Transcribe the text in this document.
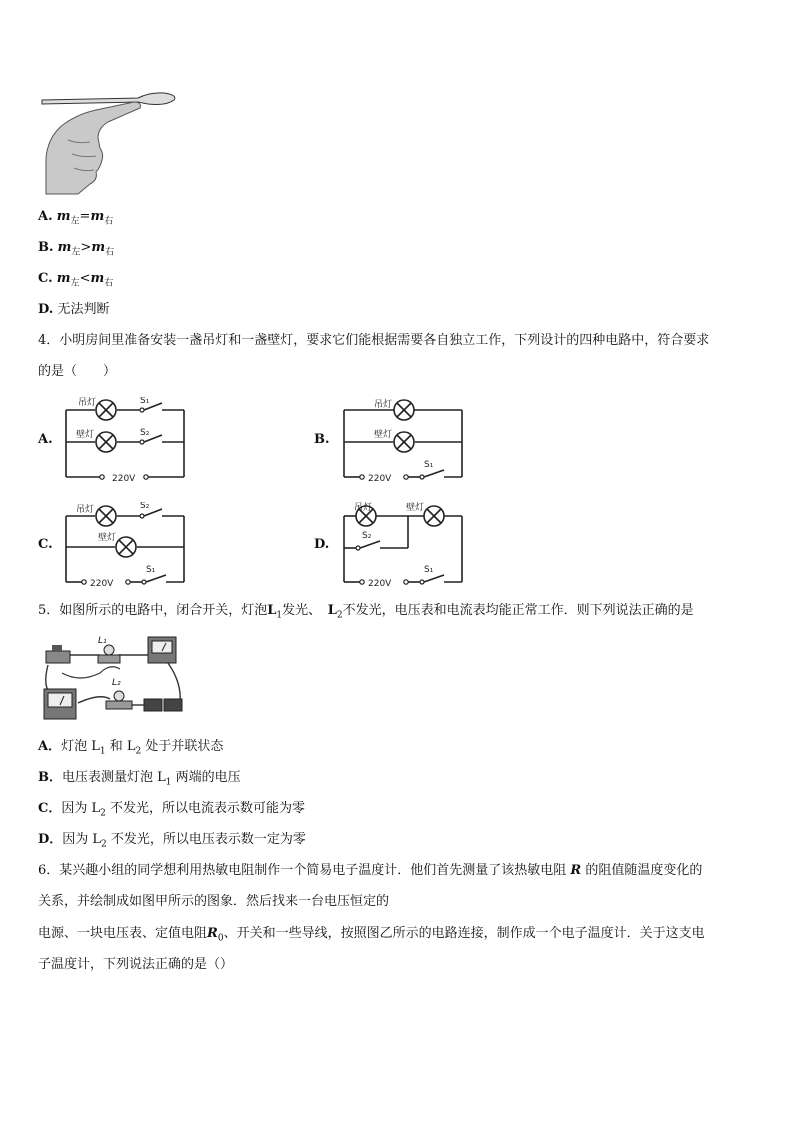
A. $m_左=m_右$
B. $m_左>m_右$
C. $m_左<m_右$
D. 无法判断
4．小明房间里准备安装一盏吊灯和一盏壁灯，要求它们能根据需要各自独立工作，下列设计的四种电路中，符合要求
的是（　　）
A.	B.
C.	D.
吊灯
壁灯
S₁
S₂
220V
吊灯
壁灯
220V
S₁
吊灯
壁灯
S₂
220V
S₁
吊灯	壁灯
S₂
220V
S₁
5．如图所示的电路中，闭合开关，灯泡$L_1$发光、　 $L_2$不发光，电压表和电流表均能正常工作．则下列说法正确的是
L₁
L₂
A．灯泡 $L_1$ 和 $L_2$ 处于并联状态
B．电压表测量灯泡 $L_1$ 两端的电压
C．因为 $L_2$ 不发光，所以电流表示数可能为零
D．因为 $L_2$ 不发光，所以电压表示数一定为零
6．某兴趣小组的同学想利用热敏电阻制作一个简易电子温度计．他们首先测量了该热敏电阻 R 的阻值随温度变化的
关系，并绘制成如图甲所示的图象．然后找来一台电压恒定的
电源、一块电压表、定值电阻$R_0$、开关和一些导线，按照图乙所示的电路连接，制作成一个电子温度计．关于这支电
子温度计，下列说法正确的是（）
